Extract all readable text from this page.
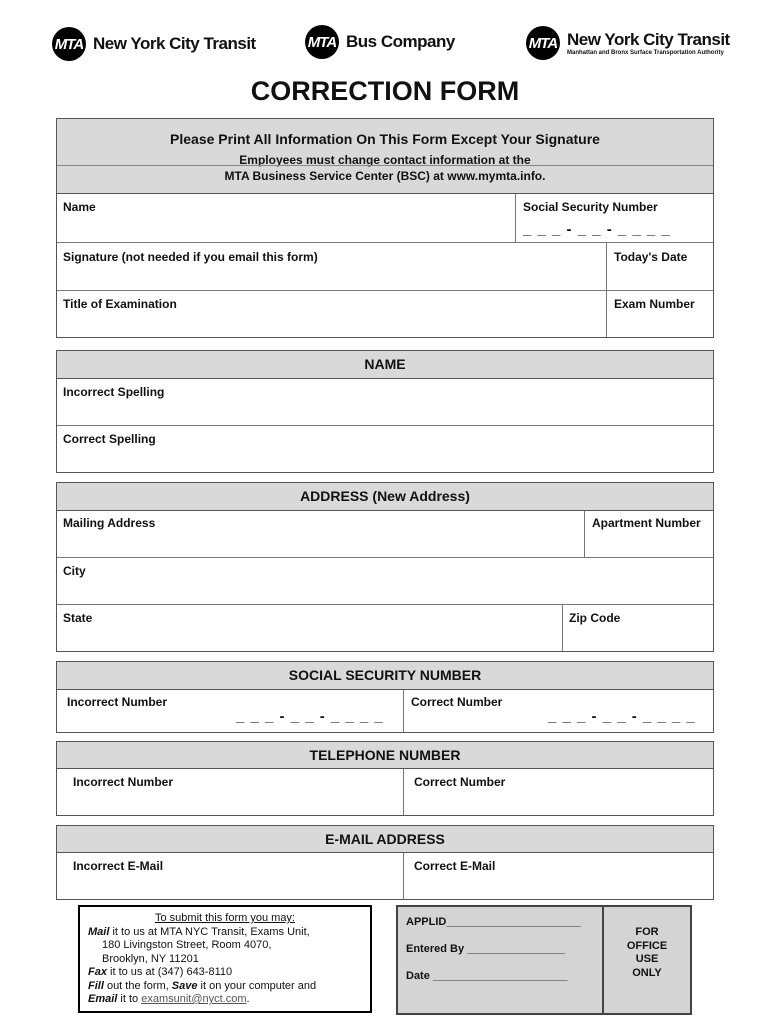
MTA New York City Transit	MTA Bus Company	MTA New York City Transit
Manhattan and Bronx Surface Transportation Authority
CORRECTION FORM
Please Print All Information On This Form Except Your Signature
Employees must change contact information at the
MTA Business Service Center (BSC) at www.mymta.info.
Name	Social Security Number
_ _ _ - _ _ - _ _ _ _
Signature (not needed if you email this form)	Today's Date
Title of Examination	Exam Number
NAME
Incorrect Spelling
Correct Spelling
ADDRESS (New Address)
Mailing Address	Apartment Number
City
State	Zip Code
SOCIAL SECURITY NUMBER
Incorrect Number
_ _ _ - _ _ - _ _ _ _
Correct Number
_ _ _ - _ _ - _ _ _ _
TELEPHONE NUMBER
Incorrect Number	Correct Number
E-MAIL ADDRESS
Incorrect E-Mail	Correct E-Mail
To submit this form you may:
Mail it to us at MTA NYC Transit, Exams Unit,
180 Livingston Street, Room 4070,
Brooklyn, NY 11201
Fax it to us at (347) 643-8110
Fill out the form, Save it on your computer and
Email it to examsunit@nyct.com.
APPLID______________________
Entered By ________________
Date ______________________
FOR
OFFICE
USE
ONLY
